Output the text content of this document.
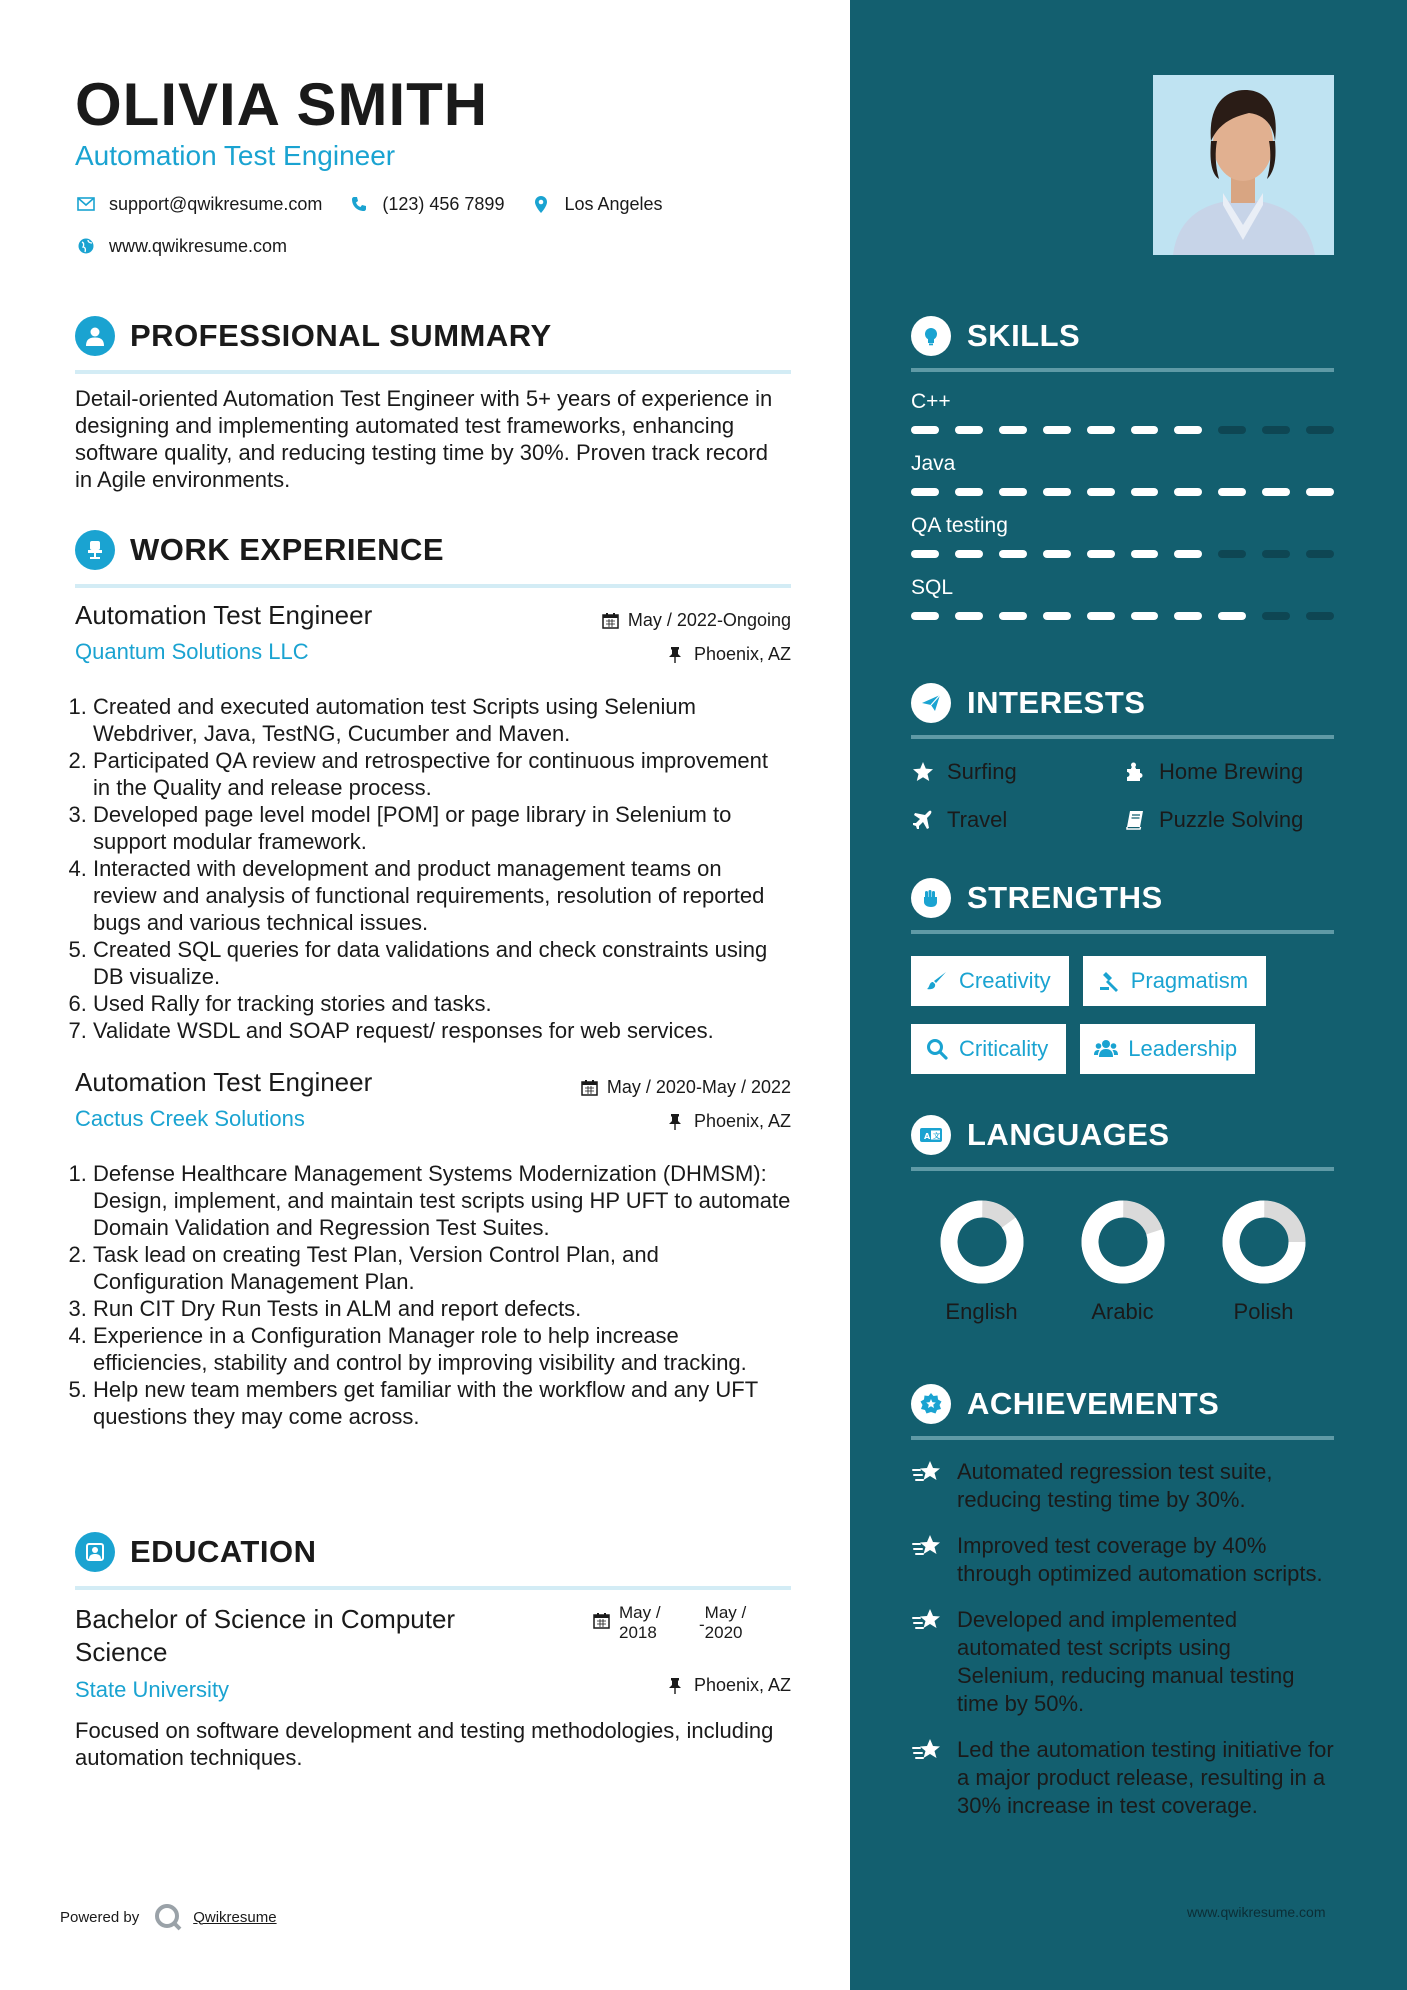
OLIVIA SMITH
Automation Test Engineer
support@qwikresume.com	(123) 456 7899	Los Angeles
www.qwikresume.com
PROFESSIONAL SUMMARY
Detail-oriented Automation Test Engineer with 5+ years of experience in designing and implementing automated test frameworks, enhancing software quality, and reducing testing time by 30%. Proven track record in Agile environments.
WORK EXPERIENCE
Automation Test Engineer
Quantum Solutions LLC
May / 2022-Ongoing
Phoenix, AZ
1. Created and executed automation test Scripts using Selenium Webdriver, Java, TestNG, Cucumber and Maven.
2. Participated QA review and retrospective for continuous improvement in the Quality and release process.
3. Developed page level model [POM] or page library in Selenium to support modular framework.
4. Interacted with development and product management teams on review and analysis of functional requirements, resolution of reported bugs and various technical issues.
5. Created SQL queries for data validations and check constraints using DB visualize.
6. Used Rally for tracking stories and tasks.
7. Validate WSDL and SOAP request/ responses for web services.
Automation Test Engineer
Cactus Creek Solutions
May / 2020-May / 2022
Phoenix, AZ
1. Defense Healthcare Management Systems Modernization (DHMSM): Design, implement, and maintain test scripts using HP UFT to automate Domain Validation and Regression Test Suites.
2. Task lead on creating Test Plan, Version Control Plan, and Configuration Management Plan.
3. Run CIT Dry Run Tests in ALM and report defects.
4. Experience in a Configuration Manager role to help increase efficiencies, stability and control by improving visibility and tracking.
5. Help new team members get familiar with the workflow and any UFT questions they may come across.
EDUCATION
Bachelor of Science in Computer
Science
State University
May /
2018	-
May /
2020
Phoenix, AZ
Focused on software development and testing methodologies, including automation techniques.
Powered by	Qwikresume
SKILLS
C++
Java
QA testing
SQL
INTERESTS
Surfing	Home Brewing
Travel	Puzzle Solving
STRENGTHS
Creativity	Pragmatism
Criticality	Leadership
A 文 LANGUAGES
English	Arabic	Polish
ACHIEVEMENTS
Automated regression test suite, reducing testing time by 30%.
Improved test coverage by 40% through optimized automation scripts.
Developed and implemented automated test scripts using Selenium, reducing manual testing time by 50%.
Led the automation testing initiative for a major product release, resulting in a 30% increase in test coverage.
www.qwikresume.com
